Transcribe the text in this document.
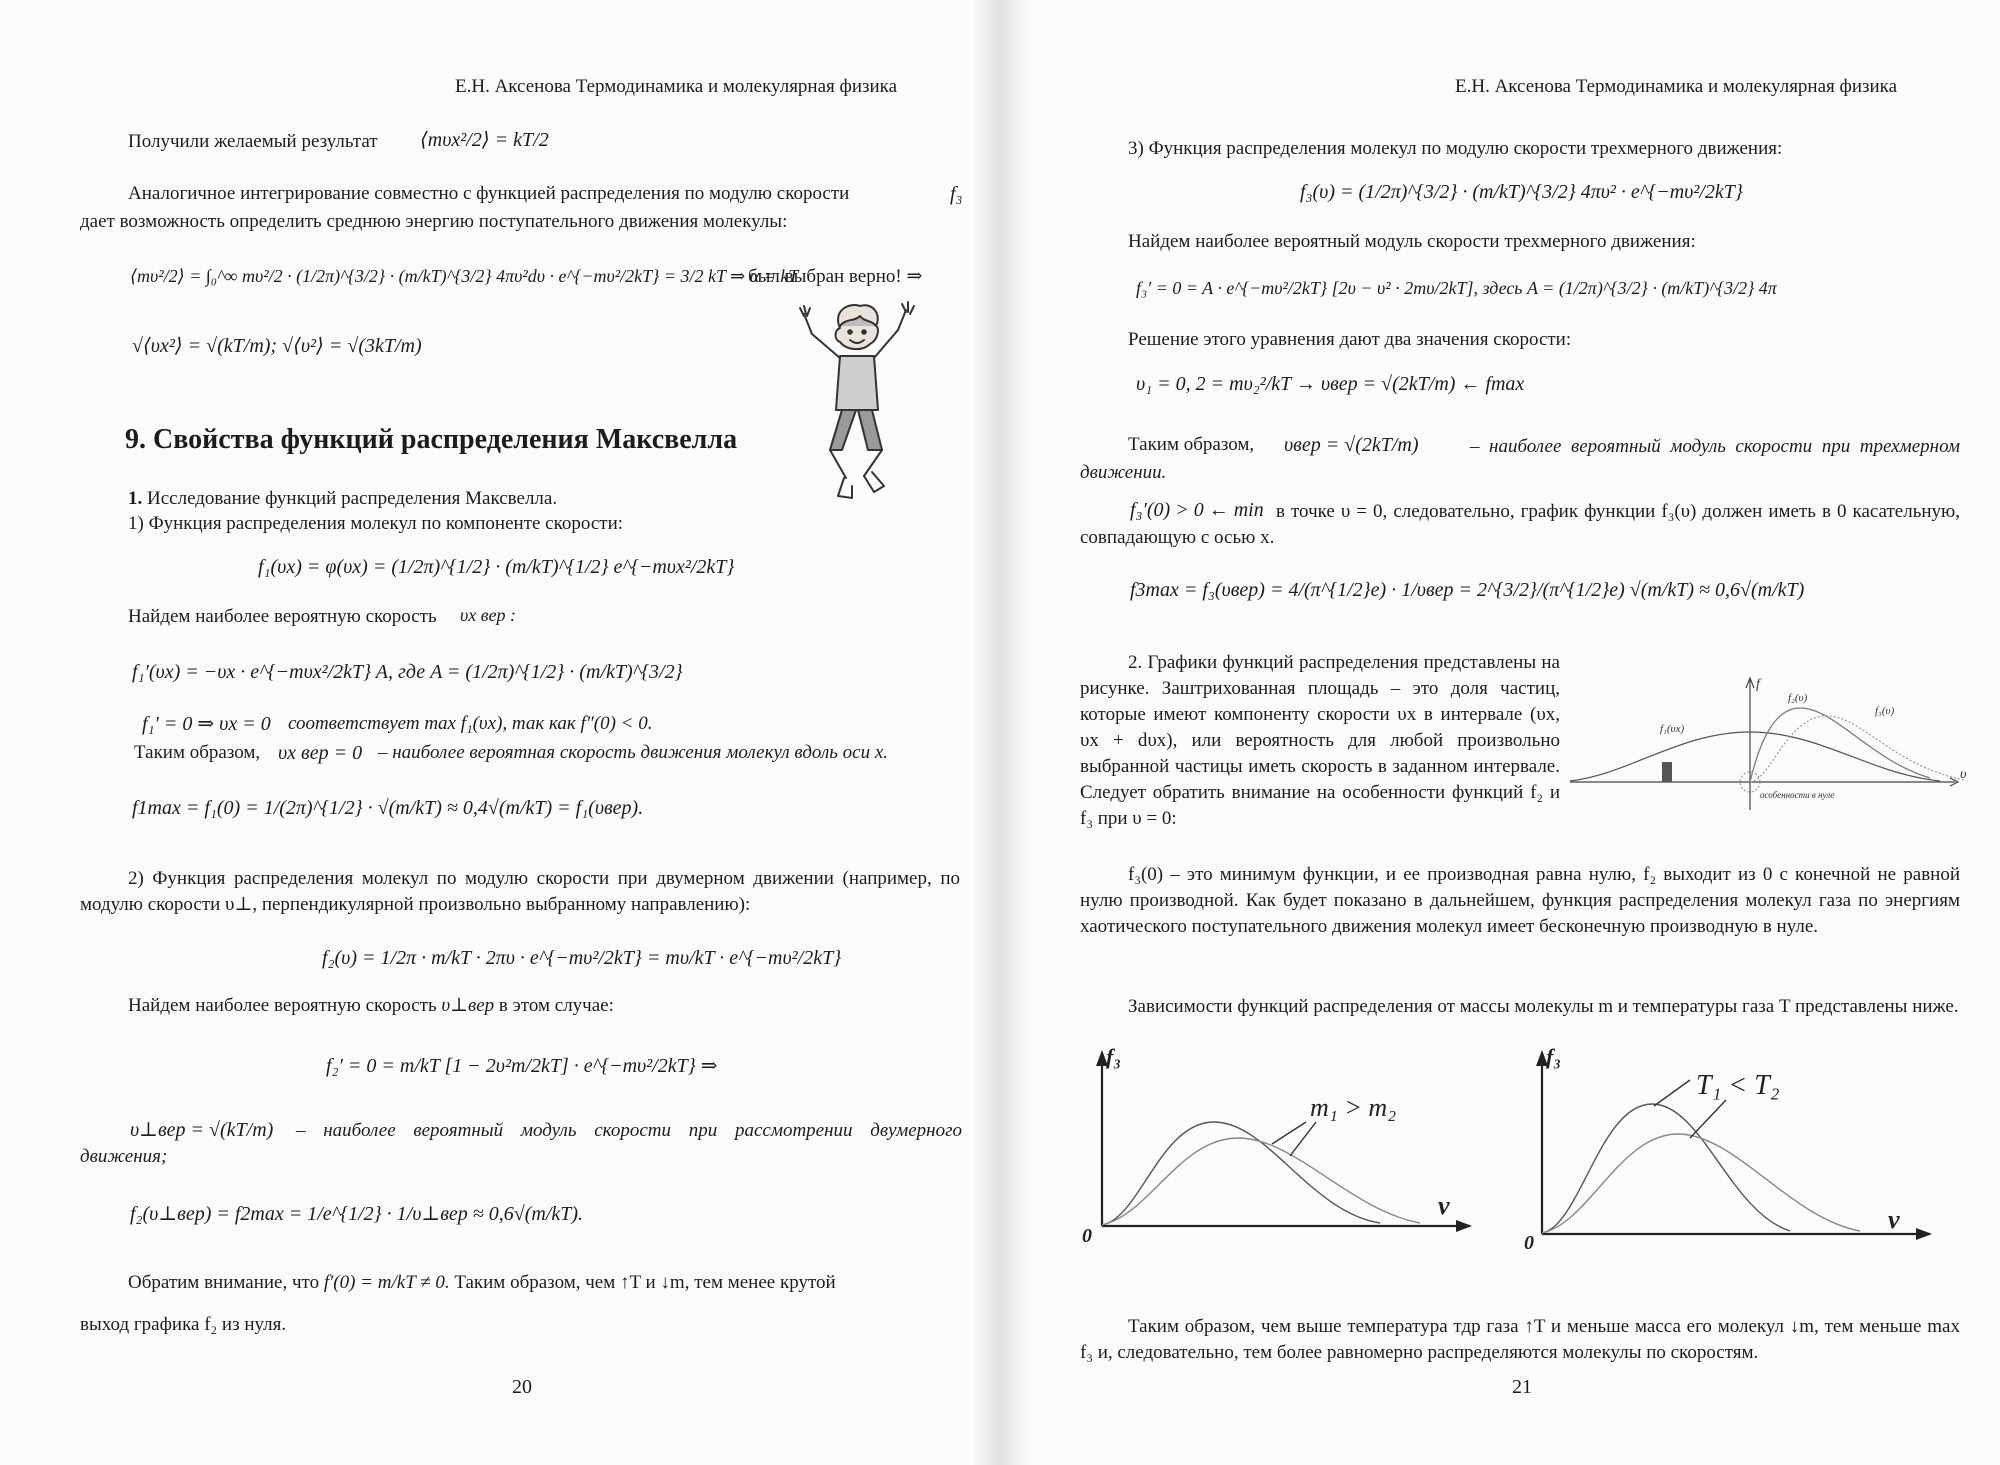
Е.Н. Аксенова Термодинамика и молекулярная физика
Получили желаемый результат ⟨mυx²/2⟩ = kT/2
Аналогичное интегрирование совместно с функцией распределения по модулю скорости	f₃
дает возможность определить среднюю энергию поступательного движения молекулы:
⟨mυ²/2⟩ = ∫₀^∞ mυ²/2 · (1/2π)^{3/2} · (m/kT)^{3/2} 4πυ²dυ · e^{−mυ²/2kT} = 3/2 kT ⇒ α = kT
был выбран верно! ⇒
√⟨υx²⟩ = √(kT/m); √⟨υ²⟩ = √(3kT/m)
9. Свойства функций распределения Максвелла
1. Исследование функций распределения Максвелла.
1) Функция распределения молекул по компоненте скорости:
f₁(υx) = φ(υx) = (1/2π)^{1/2} · (m/kT)^{1/2} e^{−mυx²/2kT}
Найдем наиболее вероятную скорость υx вер :
f₁′(υx) = −υx · e^{−mυx²/2kT} A, где A = (1/2π)^{1/2} · (m/kT)^{3/2}
f₁′ = 0 ⇒ υx = 0 соответствует max f₁(υx), так как f″(0) < 0.
Таким образом, υx вер = 0 – наиболее вероятная скорость движения молекул вдоль оси x.
f1max = f₁(0) = 1/(2π)^{1/2} · √(m/kT) ≈ 0,4√(m/kT) = f₁(υвер).
2) Функция распределения молекул по модулю скорости при двумерном движении (например, по модулю скорости υ⊥, перпендикулярной произвольно выбранному направлению):
f₂(υ) = 1/2π · m/kT · 2πυ · e^{−mυ²/2kT} = mυ/kT · e^{−mυ²/2kT}
Найдем наиболее вероятную скорость υ⊥вер в этом случае:
f₂′ = 0 = m/kT [1 − 2υ²m/2kT] · e^{−mυ²/2kT} ⇒
υ⊥вер = √(kT/m)	– наиболее вероятный модуль скорости при рассмотрении двумерного движения;
f₂(υ⊥вер) = f2max = 1/e^{1/2} · 1/υ⊥вер ≈ 0,6√(m/kT).
Обратим внимание, что f′(0) = m/kT ≠ 0. Таким образом, чем ↑T и ↓m, тем менее крутой
выход графика f₂ из нуля.
20
Е.Н. Аксенова Термодинамика и молекулярная физика
3) Функция распределения молекул по модулю скорости трехмерного движения:
f₃(υ) = (1/2π)^{3/2} · (m/kT)^{3/2} 4πυ² · e^{−mυ²/2kT}
Найдем наиболее вероятный модуль скорости трехмерного движения:
f₃′ = 0 = A · e^{−mυ²/2kT} [2υ − υ² · 2mυ/2kT], здесь A = (1/2π)^{3/2} · (m/kT)^{3/2} 4π
Решение этого уравнения дают два значения скорости:
υ₁ = 0, 2 = mυ₂²/kT → υвер = √(2kT/m) ← fmax
Таким образом, υвер = √(2kT/m)	– наиболее вероятный модуль скорости при трехмерном движении.
f₃′(0) > 0 ← min в точке υ = 0, следовательно, график функции f₃(υ) должен иметь в 0 касательную, совпадающую с осью x.
f3max = f₃(υвер) = 4/(π^{1/2}e) · 1/υвер = 2^{3/2}/(π^{1/2}e) √(m/kT) ≈ 0,6√(m/kT)
2. Графики функций распределения представлены на рисунке. Заштрихованная площадь – это доля частиц, которые имеют компоненту скорости υx в интервале (υx, υx + dυx), или вероятность для любой произвольно выбранной частицы иметь скорость в заданном интервале. Следует обратить внимание на особенности функций f₂ и f₃ при υ = 0:
f
υ
f₁(υx)
f₂(υ)
f₃(υ)
особенности в нуле
f₃(0) – это минимум функции, и ее производная равна нулю, f₂ выходит из 0 с конечной не равной нулю производной. Как будет показано в дальнейшем, функция распределения молекул газа по энергиям хаотического поступательного движения молекул имеет бесконечную производную в нуле.
Зависимости функций распределения от массы молекулы m и температуры газа T представлены ниже.
f₃
v
0
m₁ > m₂
f₃
v
0
T₁ < T₂
Таким образом, чем выше температура тдр газа ↑T и меньше масса его молекул ↓m, тем меньше max f₃ и, следовательно, тем более равномерно распределяются молекулы по скоростям.
21
